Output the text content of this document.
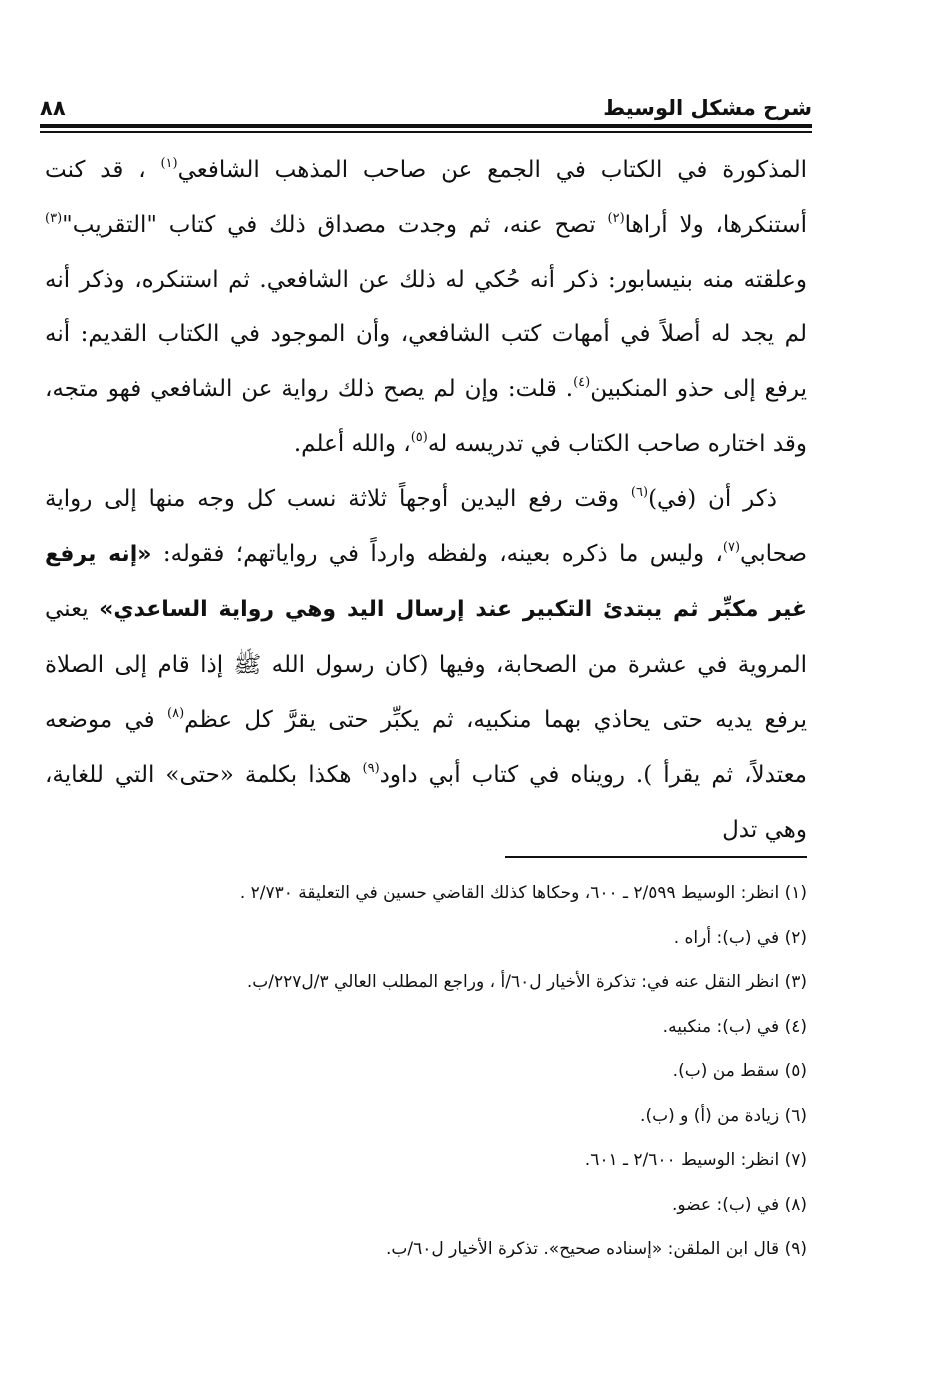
شرح مشكل الوسيط
٨٨

المذكورة في الكتاب في الجمع عن صاحب المذهب الشافعي$^{(١)}$ ، قد كنت أستنكرها، ولا أراها$^{(٢)}$ تصح عنه، ثم وجدت مصداق ذلك في كتاب "التقريب"$^{(٣)}$ وعلقته منه بنيسابور: ذكر أنه حُكي له ذلك عن الشافعي. ثم استنكره، وذكر أنه لم يجد له أصلاً في أمهات كتب الشافعي، وأن الموجود في الكتاب القديم: أنه يرفع إلى حذو المنكبين$^{(٤)}$. قلت: وإن لم يصح ذلك رواية عن الشافعي فهو متجه، وقد اختاره صاحب الكتاب في تدريسه له$^{(٥)}$، والله أعلم.

ذكر أن (في)$^{(٦)}$ وقت رفع اليدين أوجهاً ثلاثة نسب كل وجه منها إلى رواية صحابي$^{(٧)}$، وليس ما ذكره بعينه، ولفظه وارداً في رواياتهم؛ فقوله: «إنه يرفع غير مكبِّر ثم يبتدئ التكبير عند إرسال اليد وهي رواية الساعدي» يعني المروية في عشرة من الصحابة، وفيها (كان رسول الله ﷺ إذا قام إلى الصلاة يرفع يديه حتى يحاذي بهما منكبيه، ثم يكبِّر حتى يقرَّ كل عظم$^{(٨)}$ في موضعه معتدلاً، ثم يقرأ ). رويناه في كتاب أبي داود$^{(٩)}$ هكذا بكلمة «حتى» التي للغاية، وهي تدل

(١) انظر: الوسيط ٢/٥٩٩ ـ ٦٠٠، وحكاها كذلك القاضي حسين في التعليقة ٢/٧٣٠ .
(٢) في (ب): أراه .
(٣) انظر النقل عنه في: تذكرة الأخيار ل٦٠/أ ، وراجع المطلب العالي ٣/ل٢٢٧/ب.
(٤) في (ب): منكبيه.
(٥) سقط من (ب).
(٦) زيادة من (أ) و (ب).
(٧) انظر: الوسيط ٢/٦٠٠ ـ ٦٠١.
(٨) في (ب): عضو.
(٩) قال ابن الملقن: «إسناده صحيح». تذكرة الأخيار ل٦٠/ب.
